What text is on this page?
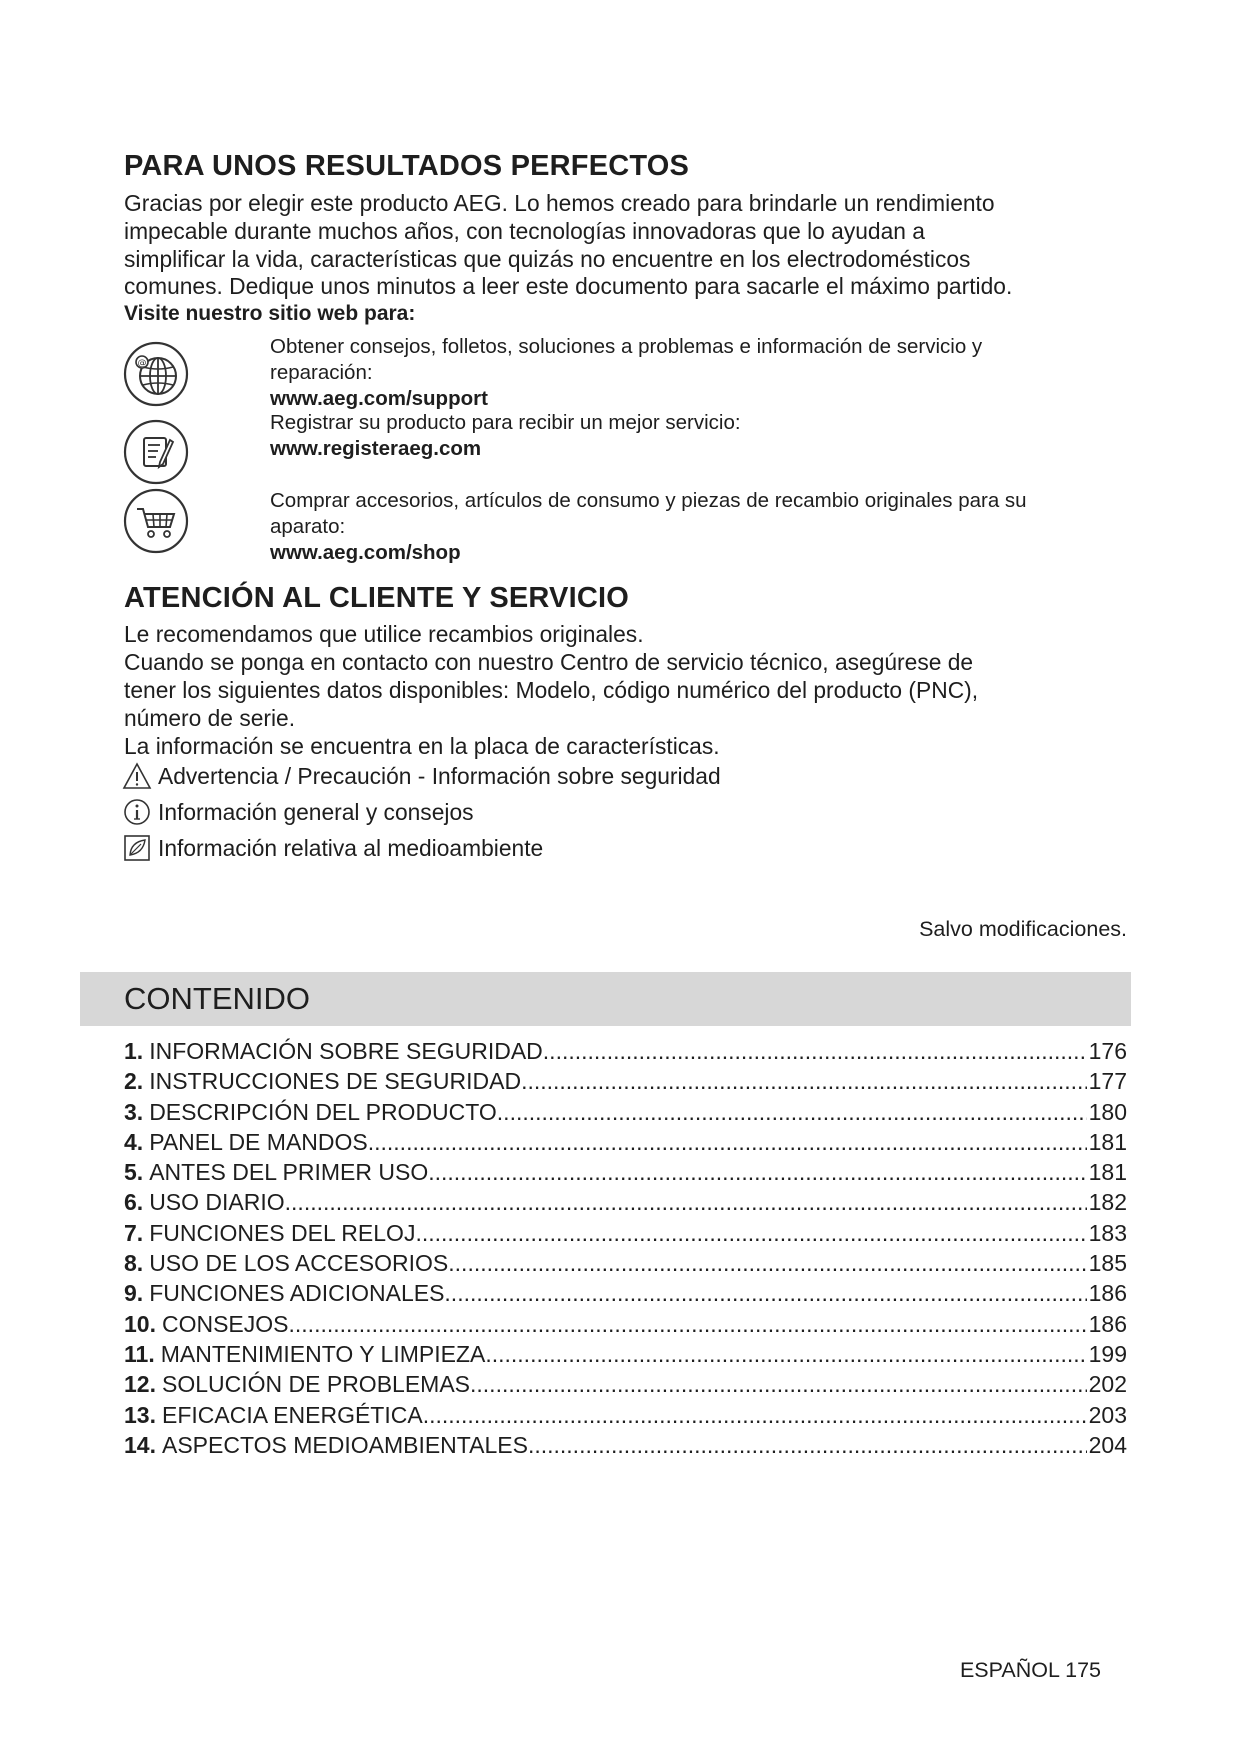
PARA UNOS RESULTADOS PERFECTOS
Gracias por elegir este producto AEG. Lo hemos creado para brindarle un rendimiento
impecable durante muchos años, con tecnologías innovadoras que lo ayudan a
simplificar la vida, características que quizás no encuentre en los electrodomésticos
comunes. Dedique unos minutos a leer este documento para sacarle el máximo partido.
Visite nuestro sitio web para:
@
Obtener consejos, folletos, soluciones a problemas e información de servicio y
reparación:
www.aeg.com/support
Registrar su producto para recibir un mejor servicio:
www.registeraeg.com
Comprar accesorios, artículos de consumo y piezas de recambio originales para su
aparato:
www.aeg.com/shop
ATENCIÓN AL CLIENTE Y SERVICIO
Le recomendamos que utilice recambios originales.
Cuando se ponga en contacto con nuestro Centro de servicio técnico, asegúrese de
tener los siguientes datos disponibles: Modelo, código numérico del producto (PNC),
número de serie.
La información se encuentra en la placa de características.
Advertencia / Precaución - Información sobre seguridad
Información general y consejos
Información relativa al medioambiente
Salvo modificaciones.
CONTENIDO
1. INFORMACIÓN SOBRE SEGURIDAD .....	176
2. INSTRUCCIONES DE SEGURIDAD .....	177
3. DESCRIPCIÓN DEL PRODUCTO .....	180
4. PANEL DE MANDOS .....	181
5. ANTES DEL PRIMER USO .....	181
6. USO DIARIO .....	182
7. FUNCIONES DEL RELOJ .....	183
8. USO DE LOS ACCESORIOS .....	185
9. FUNCIONES ADICIONALES .....	186
10. CONSEJOS .....	186
11. MANTENIMIENTO Y LIMPIEZA .....	199
12. SOLUCIÓN DE PROBLEMAS .....	202
13. EFICACIA ENERGÉTICA .....	203
14. ASPECTOS MEDIOAMBIENTALES .....	204
ESPAÑOL 175
